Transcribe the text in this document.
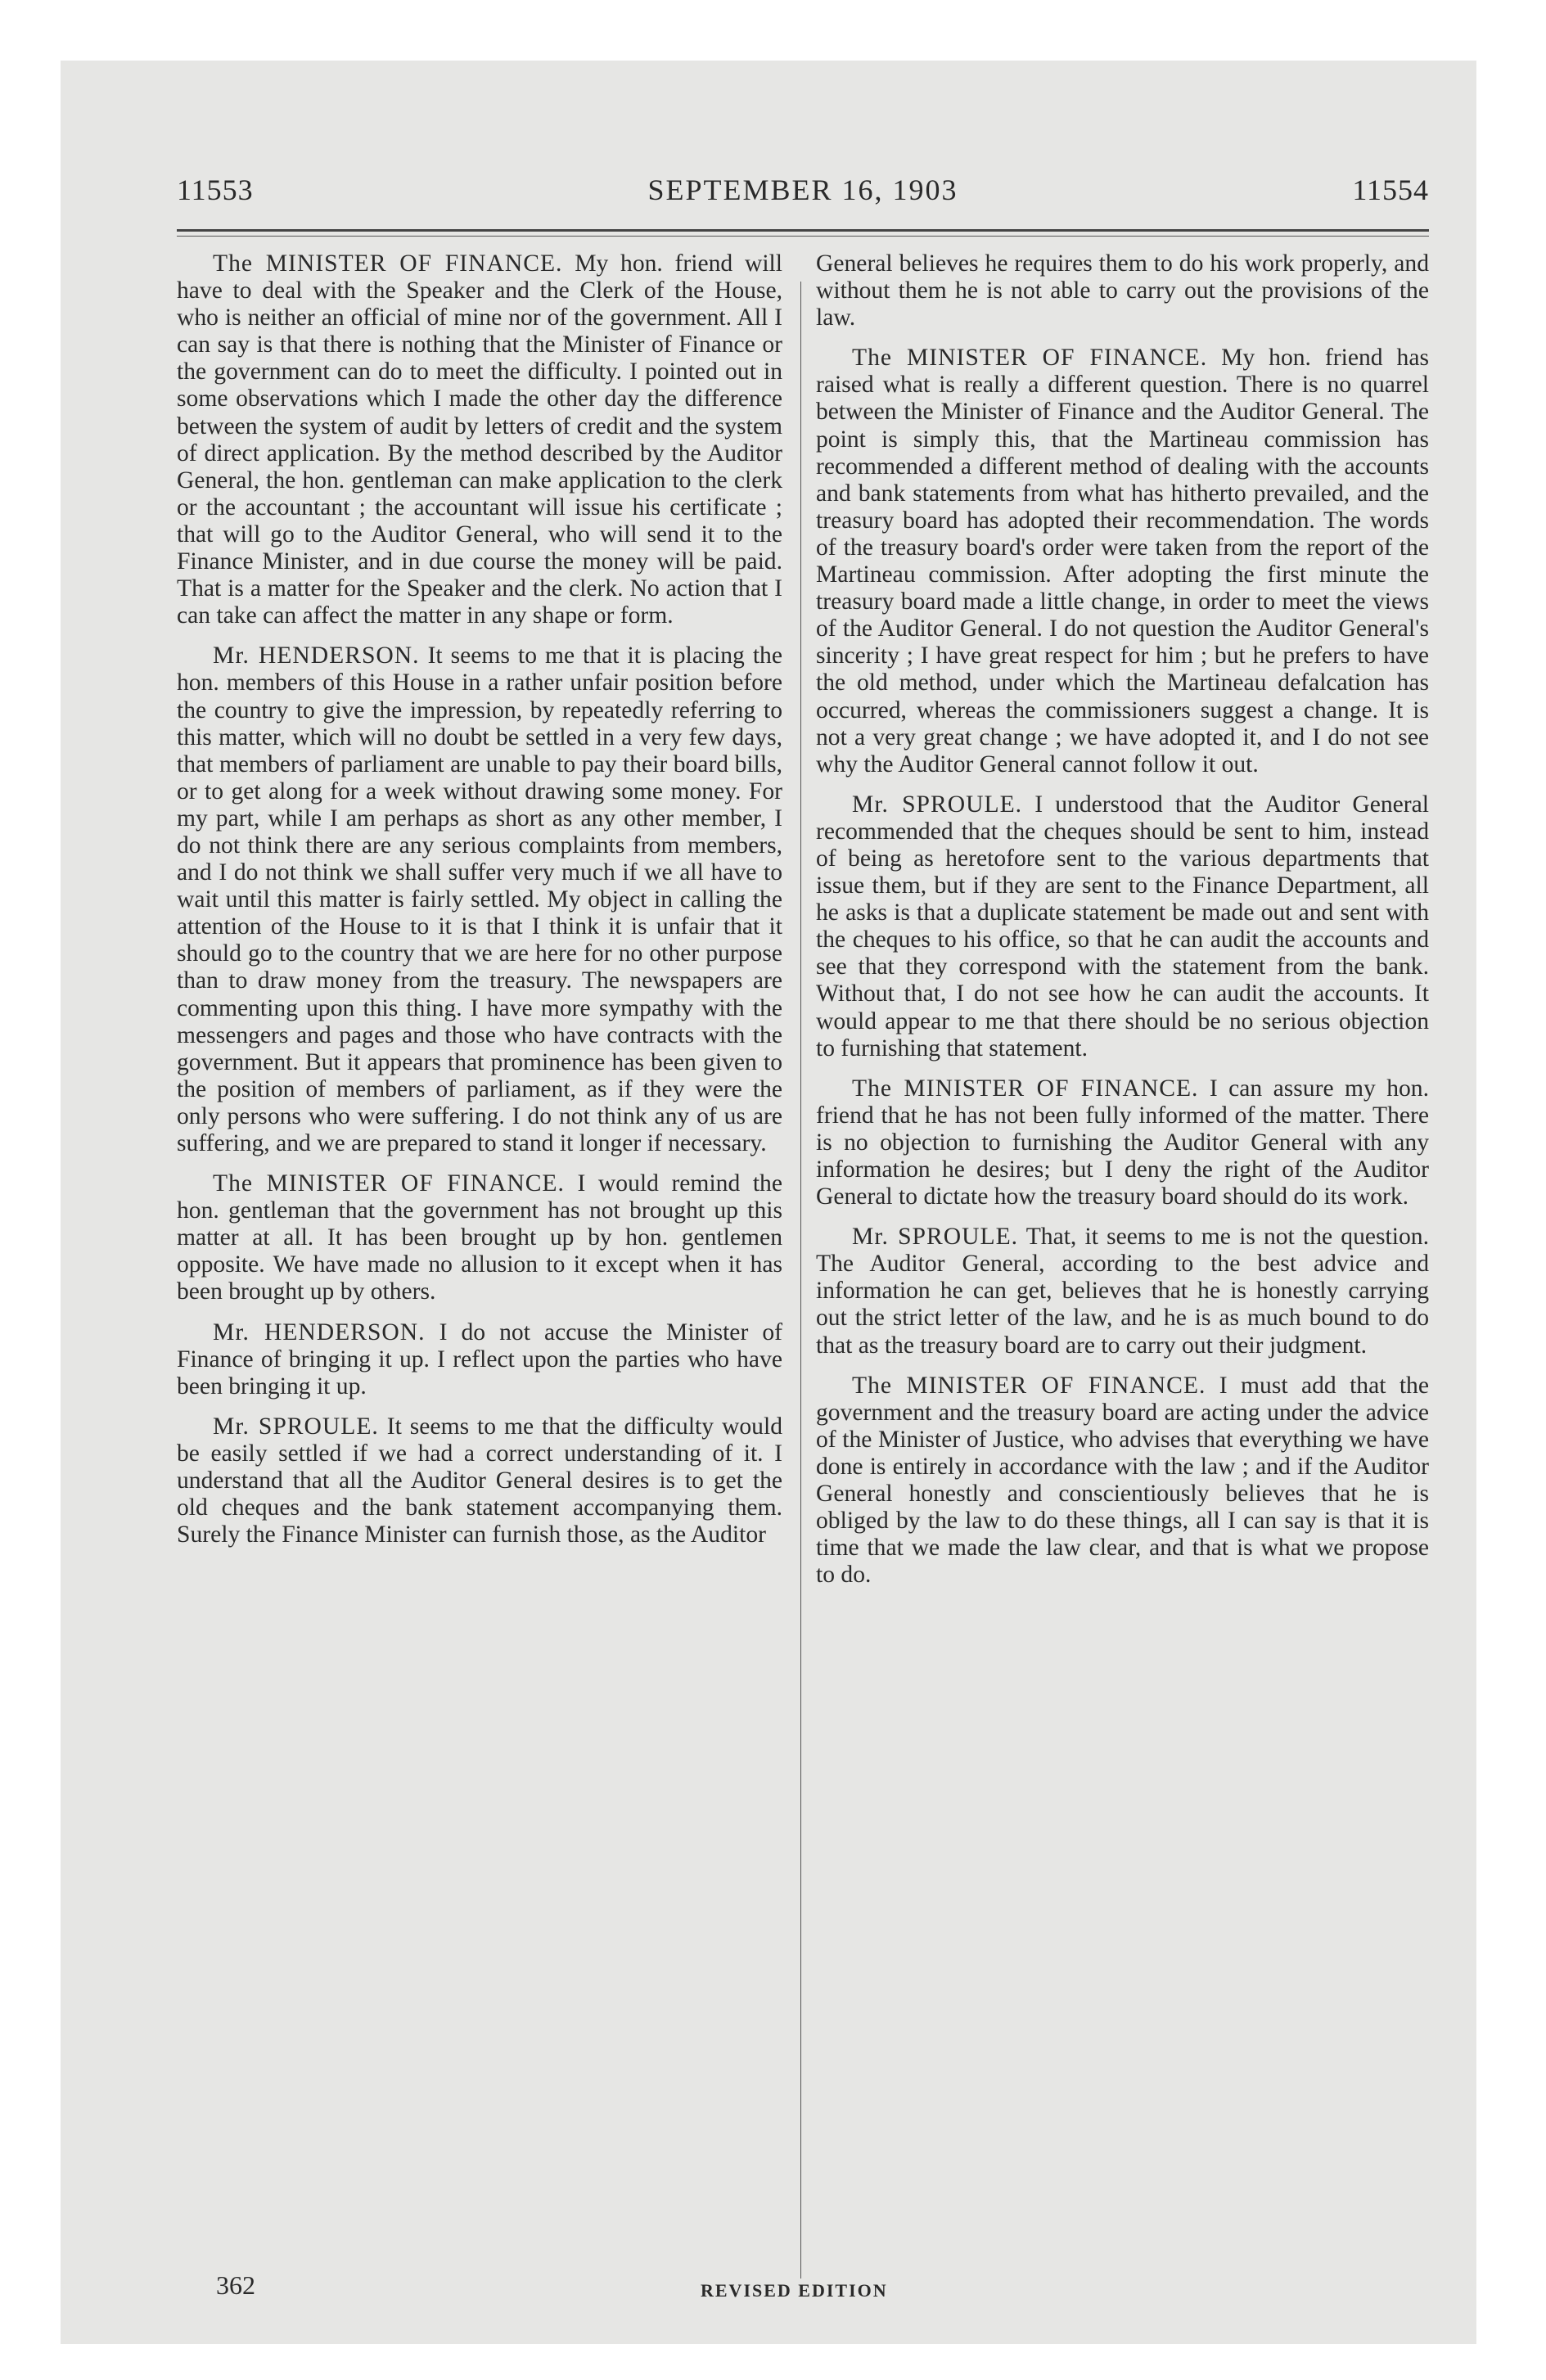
11553	SEPTEMBER 16, 1903	11554

The MINISTER OF FINANCE. My hon. friend will have to deal with the Speaker and the Clerk of the House, who is neither an official of mine nor of the government. All I can say is that there is nothing that the Minister of Finance or the government can do to meet the difficulty. I pointed out in some observations which I made the other day the difference between the system of audit by letters of credit and the system of direct application. By the method described by the Auditor General, the hon. gentleman can make application to the clerk or the accountant ; the accountant will issue his certificate ; that will go to the Auditor General, who will send it to the Finance Minister, and in due course the money will be paid. That is a matter for the Speaker and the clerk. No action that I can take can affect the matter in any shape or form.

Mr. HENDERSON. It seems to me that it is placing the hon. members of this House in a rather unfair position before the country to give the impression, by repeatedly referring to this matter, which will no doubt be settled in a very few days, that members of parliament are unable to pay their board bills, or to get along for a week without drawing some money. For my part, while I am perhaps as short as any other member, I do not think there are any serious complaints from members, and I do not think we shall suffer very much if we all have to wait until this matter is fairly settled. My object in calling the attention of the House to it is that I think it is unfair that it should go to the country that we are here for no other purpose than to draw money from the treasury. The newspapers are commenting upon this thing. I have more sympathy with the messengers and pages and those who have contracts with the government. But it appears that prominence has been given to the position of members of parliament, as if they were the only persons who were suffering. I do not think any of us are suffering, and we are prepared to stand it longer if necessary.

The MINISTER OF FINANCE. I would remind the hon. gentleman that the government has not brought up this matter at all. It has been brought up by hon. gentlemen opposite. We have made no allusion to it except when it has been brought up by others.

Mr. HENDERSON. I do not accuse the Minister of Finance of bringing it up. I reflect upon the parties who have been bringing it up.

Mr. SPROULE. It seems to me that the difficulty would be easily settled if we had a correct understanding of it. I understand that all the Auditor General desires is to get the old cheques and the bank statement accompanying them. Surely the Finance Minister can furnish those, as the Auditor

General believes he requires them to do his work properly, and without them he is not able to carry out the provisions of the law.

The MINISTER OF FINANCE. My hon. friend has raised what is really a different question. There is no quarrel between the Minister of Finance and the Auditor General. The point is simply this, that the Martineau commission has recommended a different method of dealing with the accounts and bank statements from what has hitherto prevailed, and the treasury board has adopted their recommendation. The words of the treasury board's order were taken from the report of the Martineau commission. After adopting the first minute the treasury board made a little change, in order to meet the views of the Auditor General. I do not question the Auditor General's sincerity ; I have great respect for him ; but he prefers to have the old method, under which the Martineau defalcation has occurred, whereas the commissioners suggest a change. It is not a very great change ; we have adopted it, and I do not see why the Auditor General cannot follow it out.

Mr. SPROULE. I understood that the Auditor General recommended that the cheques should be sent to him, instead of being as heretofore sent to the various departments that issue them, but if they are sent to the Finance Department, all he asks is that a duplicate statement be made out and sent with the cheques to his office, so that he can audit the accounts and see that they correspond with the statement from the bank. Without that, I do not see how he can audit the accounts. It would appear to me that there should be no serious objection to furnishing that statement.

The MINISTER OF FINANCE. I can assure my hon. friend that he has not been fully informed of the matter. There is no objection to furnishing the Auditor General with any information he desires; but I deny the right of the Auditor General to dictate how the treasury board should do its work.

Mr. SPROULE. That, it seems to me is not the question. The Auditor General, according to the best advice and information he can get, believes that he is honestly carrying out the strict letter of the law, and he is as much bound to do that as the treasury board are to carry out their judgment.

The MINISTER OF FINANCE. I must add that the government and the treasury board are acting under the advice of the Minister of Justice, who advises that everything we have done is entirely in accordance with the law ; and if the Auditor General honestly and conscientiously believes that he is obliged by the law to do these things, all I can say is that it is time that we made the law clear, and that is what we propose to do.

362	REVISED EDITION
